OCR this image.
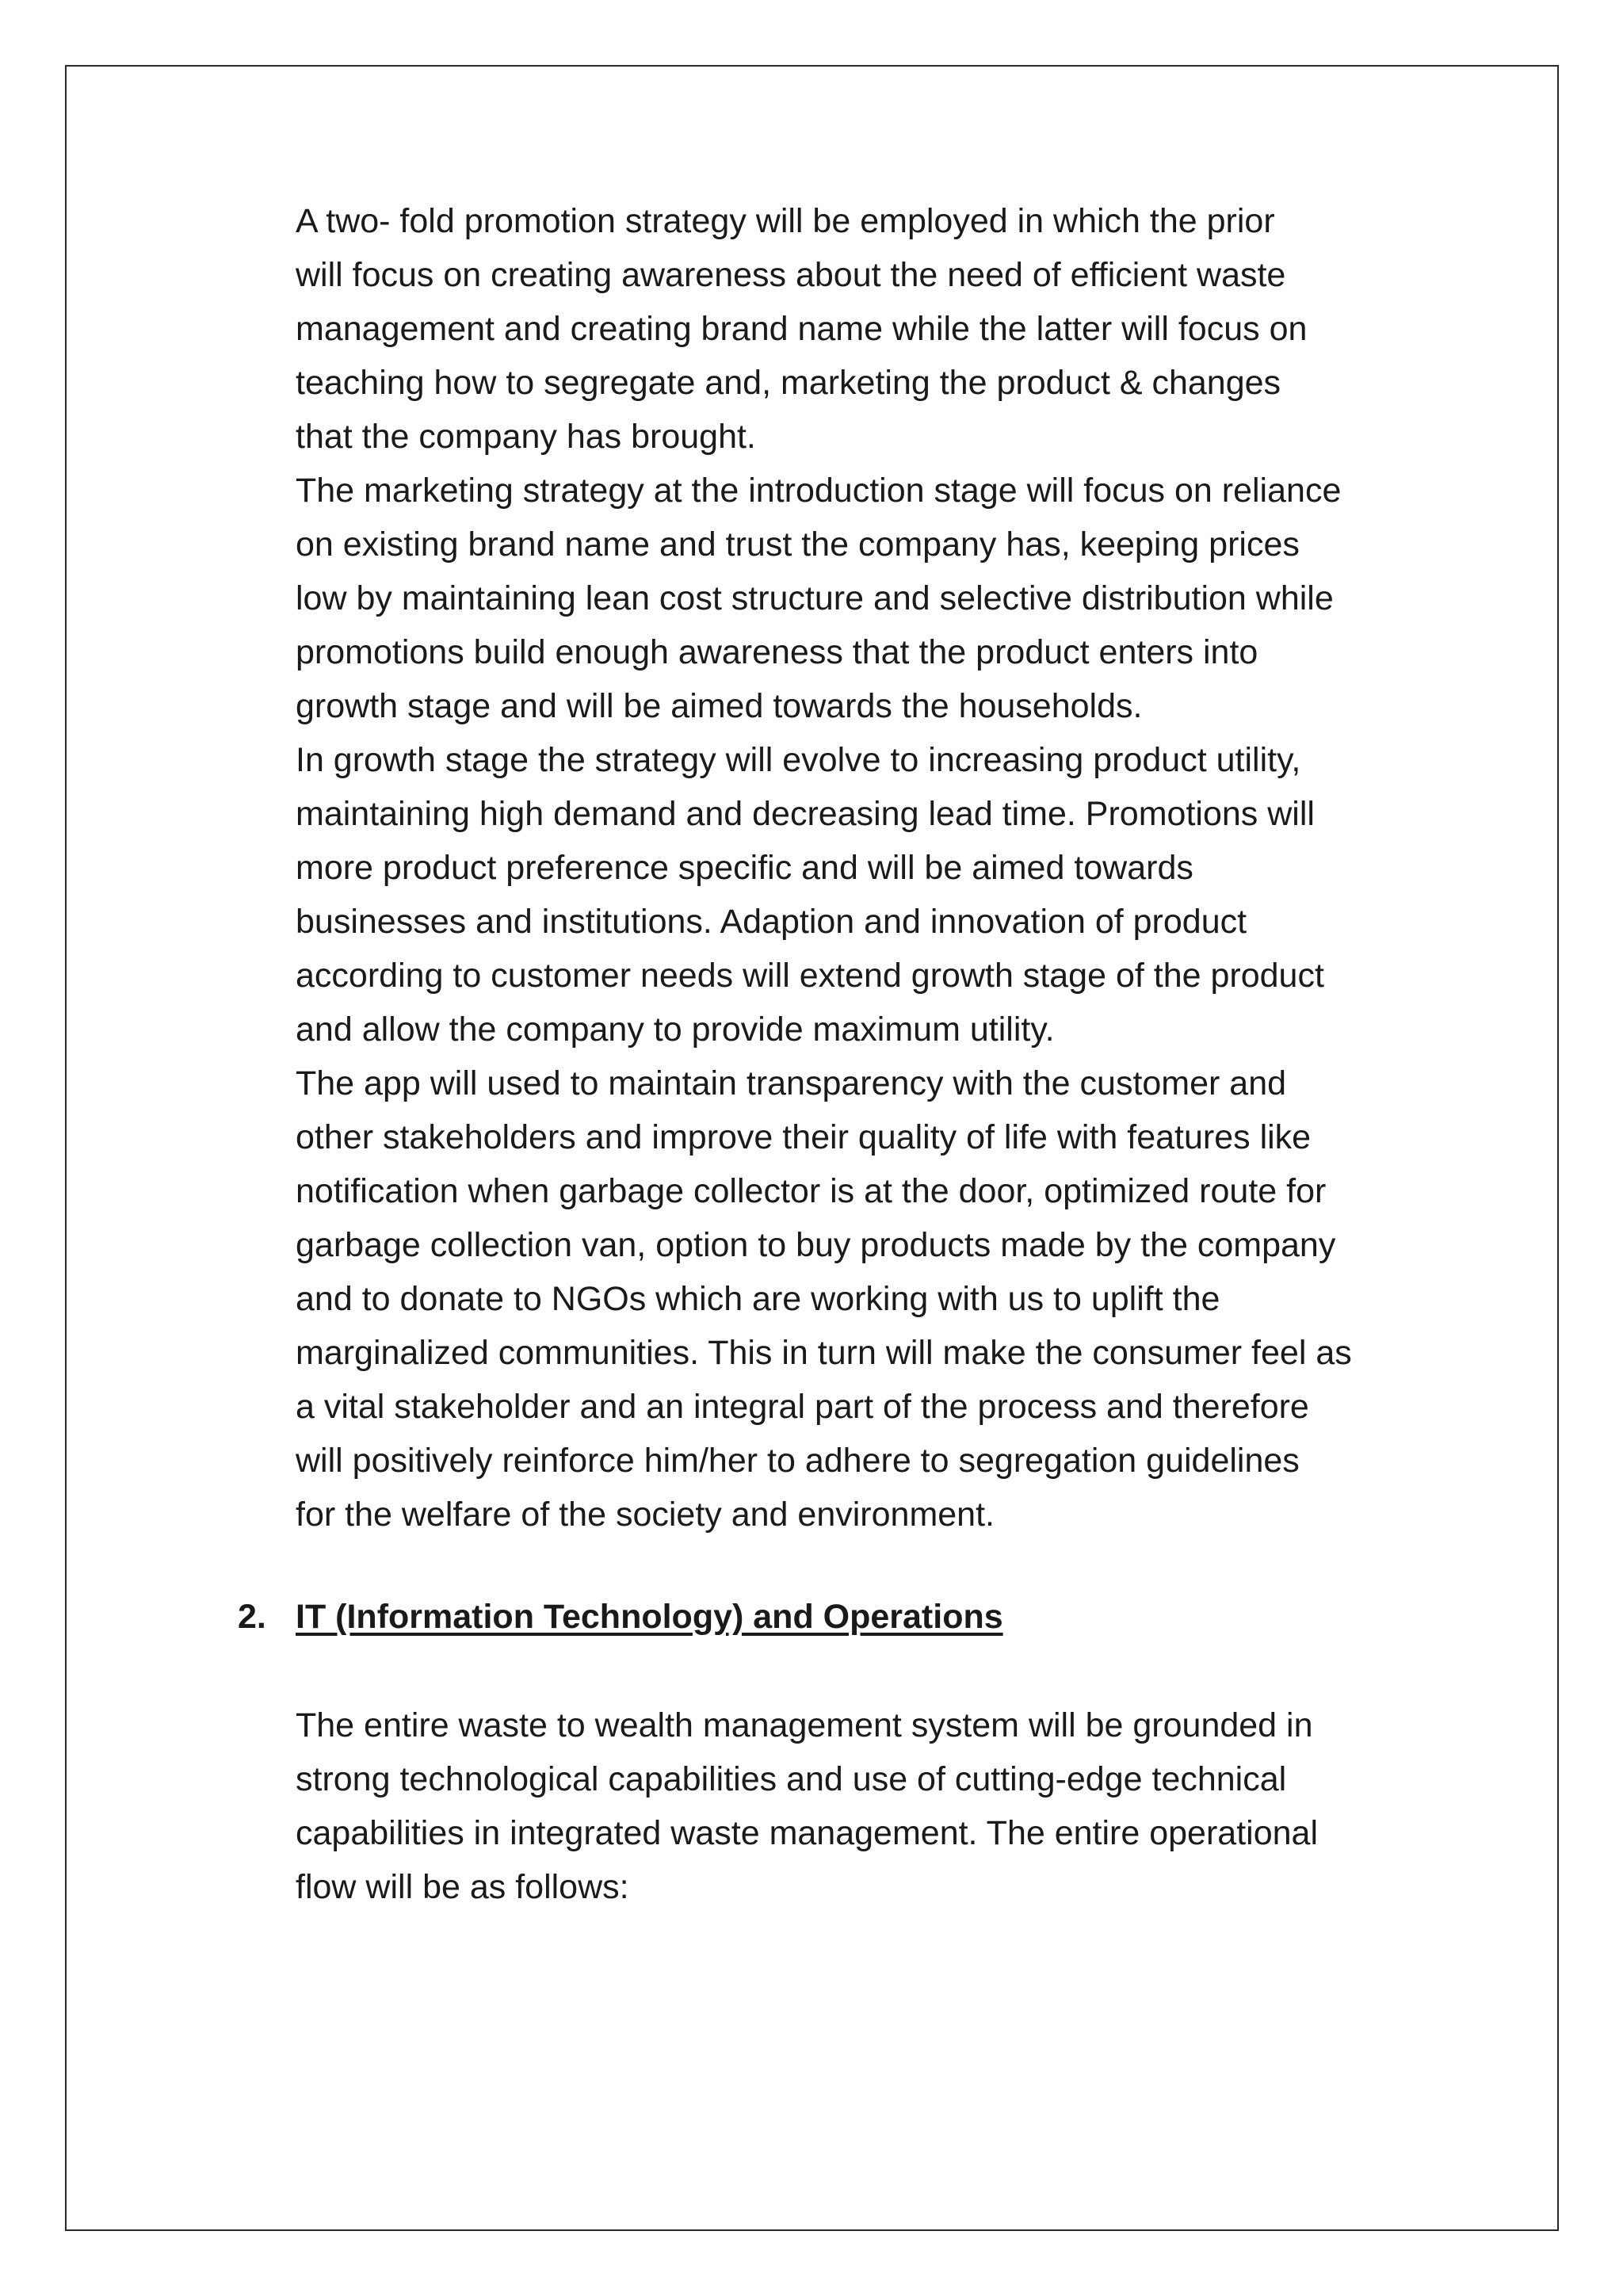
A two- fold promotion strategy will be employed in which the prior
will focus on creating awareness about the need of efficient waste
management and creating brand name while the latter will focus on
teaching how to segregate and, marketing the product & changes
that the company has brought.
The marketing strategy at the introduction stage will focus on reliance
on existing brand name and trust the company has, keeping prices
low by maintaining lean cost structure and selective distribution while
promotions build enough awareness that the product enters into
growth stage and will be aimed towards the households.
In growth stage the strategy will evolve to increasing product utility,
maintaining high demand and decreasing lead time. Promotions will
more product preference specific and will be aimed towards
businesses and institutions. Adaption and innovation of product
according to customer needs will extend growth stage of the product
and allow the company to provide maximum utility.
The app will used to maintain transparency with the customer and
other stakeholders and improve their quality of life with features like
notification when garbage collector is at the door, optimized route for
garbage collection van, option to buy products made by the company
and to donate to NGOs which are working with us to uplift the
marginalized communities. This in turn will make the consumer feel as
a vital stakeholder and an integral part of the process and therefore
will positively reinforce him/her to adhere to segregation guidelines
for the welfare of the society and environment.
2. IT (Information Technology) and Operations
The entire waste to wealth management system will be grounded in
strong technological capabilities and use of cutting-edge technical
capabilities in integrated waste management. The entire operational
flow will be as follows:
